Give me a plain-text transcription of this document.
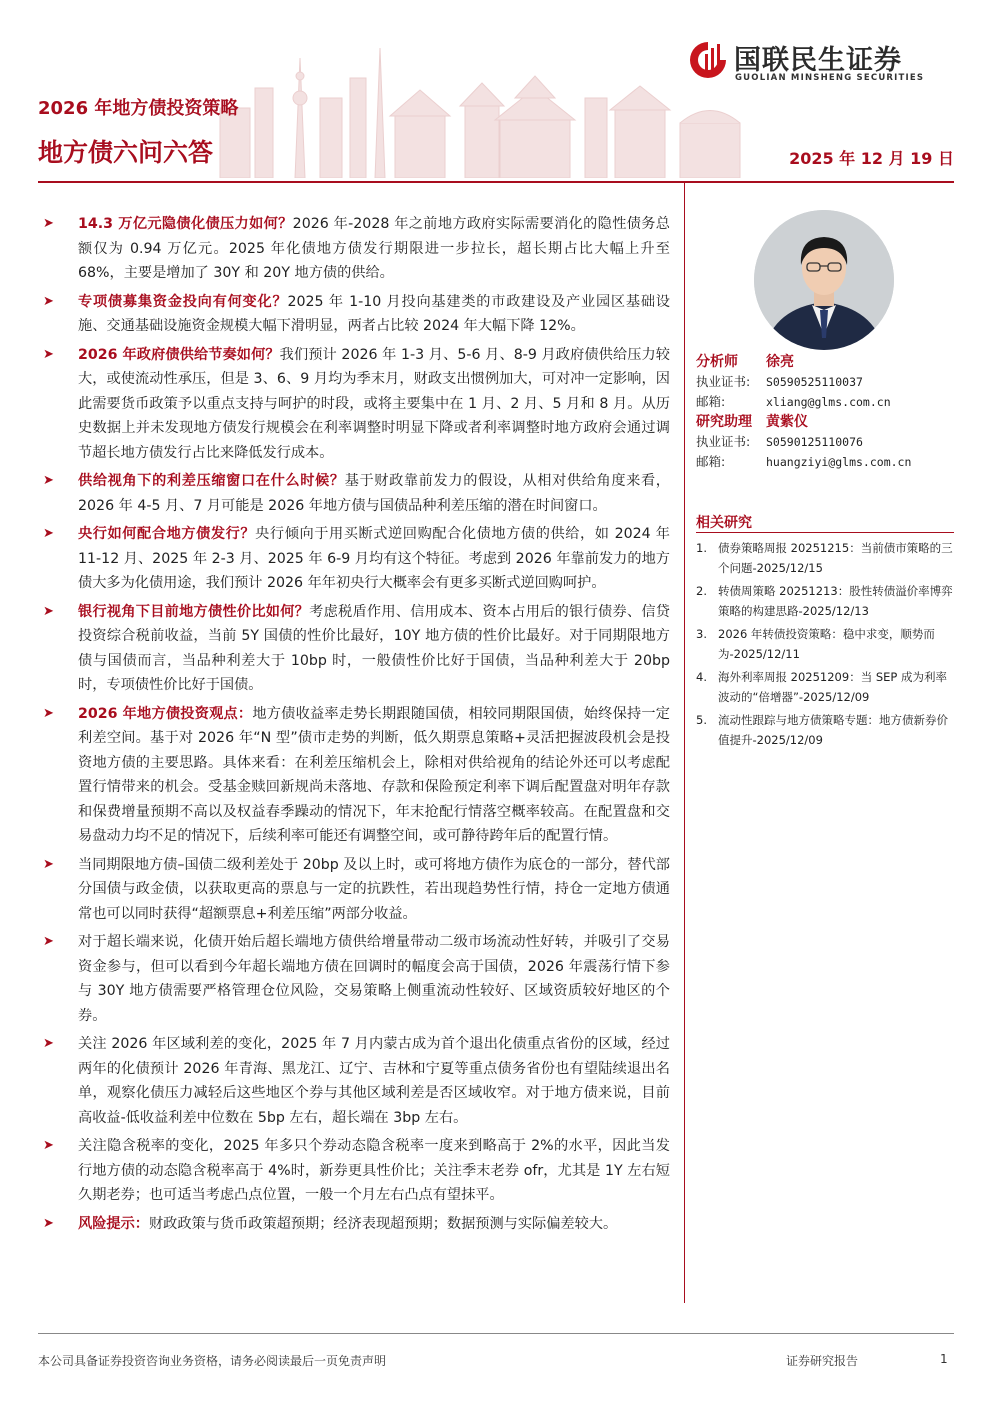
国联民生证券
GUOLIAN MINSHENG SECURITIES
2026 年地方债投资策略
地方债六问六答	2025 年 12 月 19 日
➤ 14.3 万亿元隐债化债压力如何？2026 年-2028 年之前地方政府实际需要消化的隐性债务总额仅为 0.94 万亿元。2025 年化债地方债发行期限进一步拉长，超长期占比大幅上升至 68%，主要是增加了 30Y 和 20Y 地方债的供给。
➤ 专项债募集资金投向有何变化？2025 年 1-10 月投向基建类的市政建设及产业园区基础设施、交通基础设施资金规模大幅下滑明显，两者占比较 2024 年大幅下降 12%。
➤ 2026 年政府债供给节奏如何？我们预计 2026 年 1-3 月、5-6 月、8-9 月政府债供给压力较大，或使流动性承压，但是 3、6、9 月均为季末月，财政支出惯例加大，可对冲一定影响，因此需要货币政策予以重点支持与呵护的时段，或将主要集中在 1 月、2 月、5 月和 8 月。从历史数据上并未发现地方债发行规模会在利率调整时明显下降或者利率调整时地方政府会通过调节超长地方债发行占比来降低发行成本。
➤ 供给视角下的利差压缩窗口在什么时候？基于财政靠前发力的假设，从相对供给角度来看，2026 年 4-5 月、7 月可能是 2026 年地方债与国债品种利差压缩的潜在时间窗口。
➤ 央行如何配合地方债发行？央行倾向于用买断式逆回购配合化债地方债的供给，如 2024 年 11-12 月、2025 年 2-3 月、2025 年 6-9 月均有这个特征。考虑到 2026 年靠前发力的地方债大多为化债用途，我们预计 2026 年年初央行大概率会有更多买断式逆回购呵护。
➤ 银行视角下目前地方债性价比如何？考虑税盾作用、信用成本、资本占用后的银行债券、信贷投资综合税前收益，当前 5Y 国债的性价比最好，10Y 地方债的性价比最好。对于同期限地方债与国债而言，当品种利差大于 10bp 时，一般债性价比好于国债，当品种利差大于 20bp 时，专项债性价比好于国债。
➤ 2026 年地方债投资观点：地方债收益率走势长期跟随国债，相较同期限国债，始终保持一定利差空间。基于对 2026 年“N 型”债市走势的判断，低久期票息策略+灵活把握波段机会是投资地方债的主要思路。具体来看：在利差压缩机会上，除相对供给视角的结论外还可以考虑配置行情带来的机会。受基金赎回新规尚未落地、存款和保险预定利率下调后配置盘对明年存款和保费增量预期不高以及权益春季躁动的情况下，年末抢配行情落空概率较高。在配置盘和交易盘动力均不足的情况下，后续利率可能还有调整空间，或可静待跨年后的配置行情。
➤ 当同期限地方债–国债二级利差处于 20bp 及以上时，或可将地方债作为底仓的一部分，替代部分国债与政金债，以获取更高的票息与一定的抗跌性，若出现趋势性行情，持仓一定地方债通常也可以同时获得“超额票息+利差压缩”两部分收益。
➤ 对于超长端来说，化债开始后超长端地方债供给增量带动二级市场流动性好转，并吸引了交易资金参与，但可以看到今年超长端地方债在回调时的幅度会高于国债，2026 年震荡行情下参与 30Y 地方债需要严格管理仓位风险，交易策略上侧重流动性较好、区域资质较好地区的个券。
➤ 关注 2026 年区域利差的变化，2025 年 7 月内蒙古成为首个退出化债重点省份的区域，经过两年的化债预计 2026 年青海、黑龙江、辽宁、吉林和宁夏等重点债务省份也有望陆续退出名单，观察化债压力减轻后这些地区个券与其他区域利差是否区域收窄。对于地方债来说，目前高收益-低收益利差中位数在 5bp 左右，超长端在 3bp 左右。
➤ 关注隐含税率的变化，2025 年多只个券动态隐含税率一度来到略高于 2%的水平，因此当发行地方债的动态隐含税率高于 4%时，新券更具性价比；关注季末老券 ofr，尤其是 1Y 左右短久期老券；也可适当考虑凸点位置，一般一个月左右凸点有望抹平。
➤ 风险提示：财政政策与货币政策超预期；经济表现超预期；数据预测与实际偏差较大。
分析师 徐亮
执业证书: S0590525110037
邮箱:	xliang@glms.com.cn
研究助理 黄紫仪
执业证书: S0590125110076
邮箱:	huangziyi@glms.com.cn
相关研究
1. 债券策略周报 20251215：当前债市策略的三个问题-2025/12/15
2. 转债周策略 20251213：股性转债溢价率博弈策略的构建思路-2025/12/13
3. 2026 年转债投资策略：稳中求变，顺势而为-2025/12/11
4. 海外利率周报 20251209：当 SEP 成为利率波动的“倍增器”-2025/12/09
5. 流动性跟踪与地方债策略专题：地方债新券价值提升-2025/12/09
本公司具备证券投资咨询业务资格，请务必阅读最后一页免责声明	证券研究报告	1
